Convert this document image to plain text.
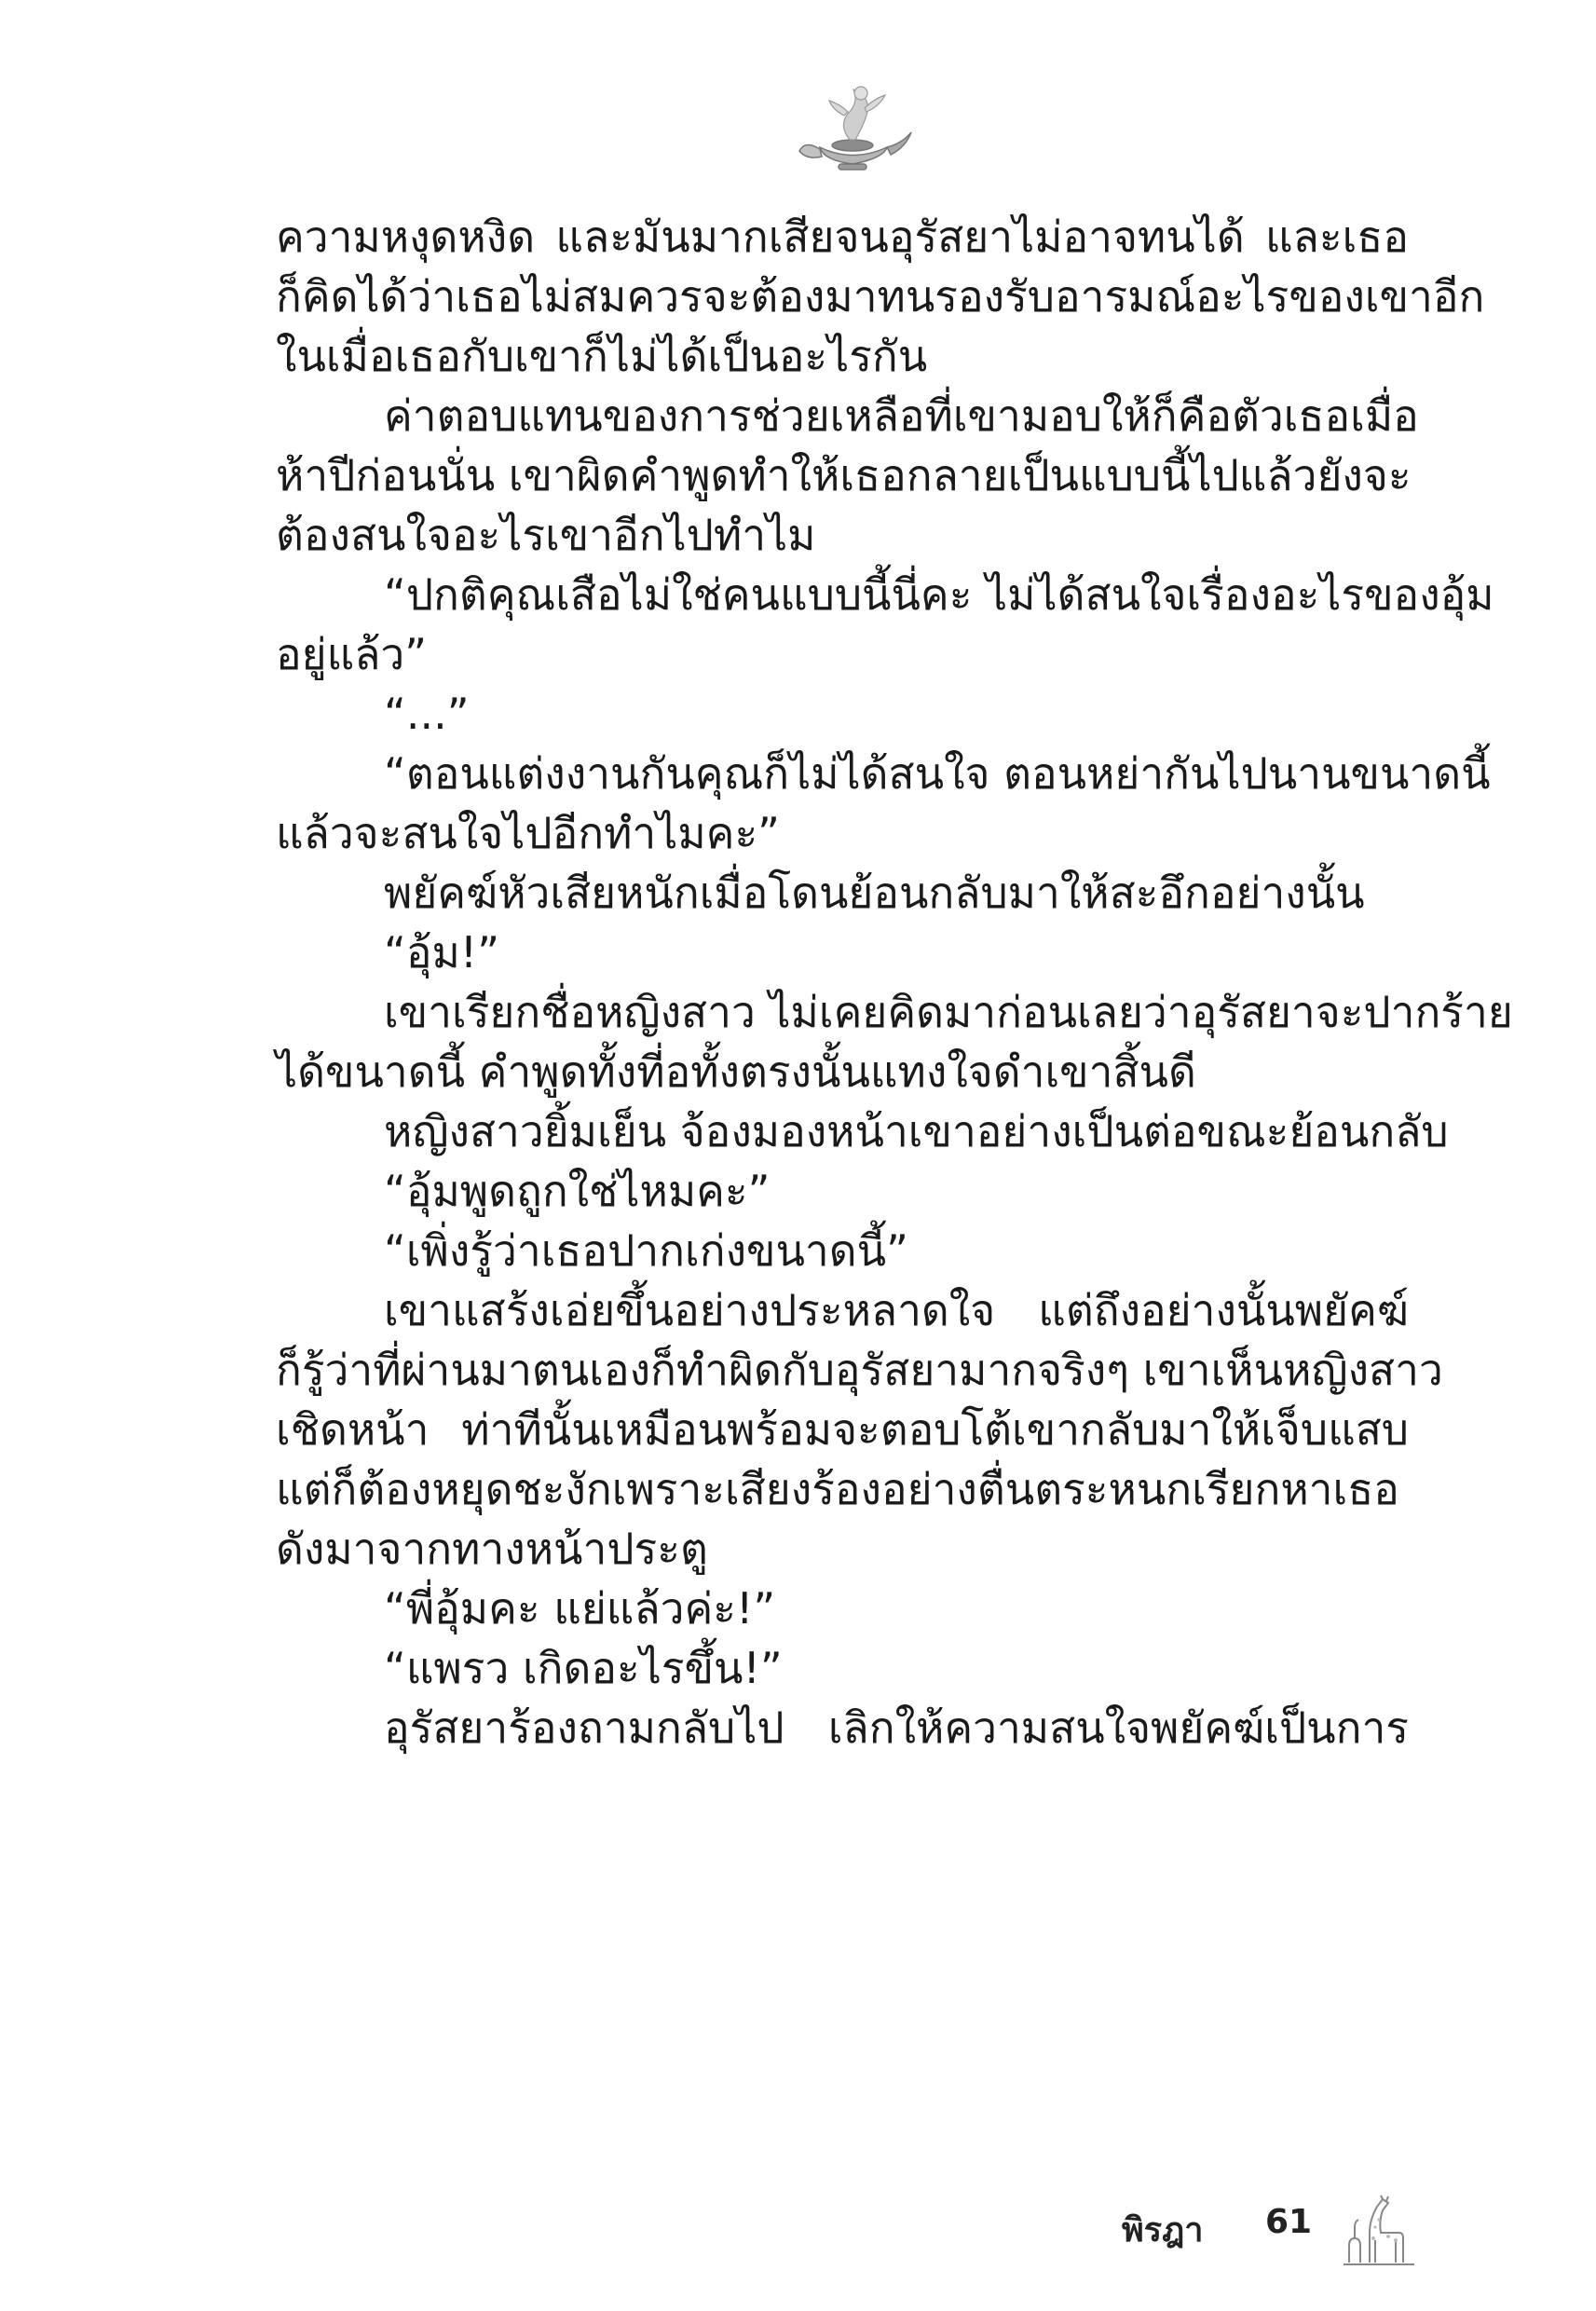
ความหงุดหงิด และมันมากเสียจนอุรัสยาไม่อาจทนได้ และเธอ
ก็คิดได้ว่าเธอไม่สมควรจะต้องมาทนรองรับอารมณ์อะไรของเขาอีก
ในเมื่อเธอกับเขาก็ไม่ได้เป็นอะไรกัน
ค่าตอบแทนของการช่วยเหลือที่เขามอบให้ก็คือตัวเธอเมื่อ
ห้าปีก่อนนั่น เขาผิดคำพูดทำให้เธอกลายเป็นแบบนี้ไปแล้วยังจะ
ต้องสนใจอะไรเขาอีกไปทำไม
“ปกติคุณเสือไม่ใช่คนแบบนี้นี่คะ ไม่ได้สนใจเรื่องอะไรของอุ้ม
อยู่แล้ว”
“...”
“ตอนแต่งงานกันคุณก็ไม่ได้สนใจ ตอนหย่ากันไปนานขนาดนี้
แล้วจะสนใจไปอีกทำไมคะ”
พยัคฆ์หัวเสียหนักเมื่อโดนย้อนกลับมาให้สะอึกอย่างนั้น
“อุ้ม!”
เขาเรียกชื่อหญิงสาว ไม่เคยคิดมาก่อนเลยว่าอุรัสยาจะปากร้าย
ได้ขนาดนี้ คำพูดทั้งที่อทั้งตรงนั้นแทงใจดำเขาสิ้นดี
หญิงสาวยิ้มเย็น จ้องมองหน้าเขาอย่างเป็นต่อขณะย้อนกลับ
“อุ้มพูดถูกใช่ไหมคะ”
“เพิ่งรู้ว่าเธอปากเก่งขนาดนี้”
เขาแสร้งเอ่ยขึ้นอย่างประหลาดใจ แต่ถึงอย่างนั้นพยัคฆ์
ก็รู้ว่าที่ผ่านมาตนเองก็ทำผิดกับอุรัสยามากจริงๆ เขาเห็นหญิงสาว
เชิดหน้า ท่าทีนั้นเหมือนพร้อมจะตอบโต้เขากลับมาให้เจ็บแสบ
แต่ก็ต้องหยุดชะงักเพราะเสียงร้องอย่างตื่นตระหนกเรียกหาเธอ
ดังมาจากทางหน้าประตู
“พี่อุ้มคะ แย่แล้วค่ะ!”
“แพรว เกิดอะไรขึ้น!”
อุรัสยาร้องถามกลับไป เลิกให้ความสนใจพยัคฆ์เป็นการ
พิรฎา 61
